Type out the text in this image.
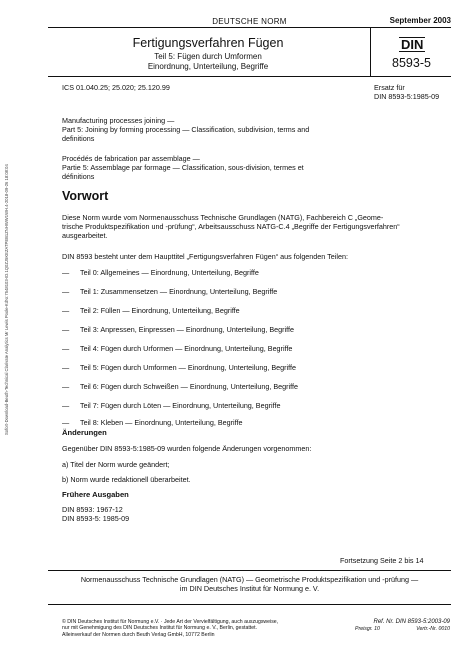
Sofort-Download-Beuth-Technical Clarivate Analytics Mr Lewis Poole-KdNr.7548103-ID.1Q0ZJ5KEZATPEB1ZNHWW1WH.4-2018-09-26 18:08:04
DEUTSCHE NORM	September 2003
Fertigungsverfahren Fügen
Teil 5: Fügen durch Umformen
Einordnung, Unterteilung, Begriffe
DIN
8593-5
ICS 01.040.25; 25.020; 25.120.99	Ersatz für
DIN 8593-5:1985-09
Manufacturing processes joining —
Part 5: Joining by forming processing — Classification, subdivision, terms and
definitions
Procédés de fabrication par assemblage —
Partie 5: Assemblage par formage — Classification, sous-division, termes et
définitions
Vorwort
Diese Norm wurde vom Normenausschuss Technische Grundlagen (NATG), Fachbereich C „Geome-
trische Produktspezifikation und -prüfung“, Arbeitsausschuss NATG-C.4 „Begriffe der Fertigungsverfahren“
ausgearbeitet.
DIN 8593 besteht unter dem Haupttitel „Fertigungsverfahren Fügen“ aus folgenden Teilen:
— Teil 0: Allgemeines — Einordnung, Unterteilung, Begriffe
— Teil 1: Zusammensetzen — Einordnung, Unterteilung, Begriffe
— Teil 2: Füllen — Einordnung, Unterteilung, Begriffe
— Teil 3: Anpressen, Einpressen — Einordnung, Unterteilung, Begriffe
— Teil 4: Fügen durch Urformen — Einordnung, Unterteilung, Begriffe
— Teil 5: Fügen durch Umformen — Einordnung, Unterteilung, Begriffe
— Teil 6: Fügen durch Schweißen — Einordnung, Unterteilung, Begriffe
— Teil 7: Fügen durch Löten — Einordnung, Unterteilung, Begriffe
— Teil 8: Kleben — Einordnung, Unterteilung, Begriffe
Änderungen
Gegenüber DIN 8593-5:1985-09 wurden folgende Änderungen vorgenommen:
a) Titel der Norm wurde geändert;
b) Norm wurde redaktionell überarbeitet.
Frühere Ausgaben
DIN 8593: 1967-12
DIN 8593-5: 1985-09
Fortsetzung Seite 2 bis 14
Normenausschuss Technische Grundlagen (NATG) — Geometrische Produktspezifikation und -prüfung —
im DIN Deutsches Institut für Normung e. V.
© DIN Deutsches Institut für Normung e.V. · Jede Art der Vervielfältigung, auch auszugsweise,
nur mit Genehmigung des DIN Deutsches Institut für Normung e. V., Berlin, gestattet.
Alleinverkauf der Normen durch Beuth Verlag GmbH, 10772 Berlin
Ref. Nr. DIN 8593-5:2003-09
Preisgr. 10	Vertr.-Nr. 0010
